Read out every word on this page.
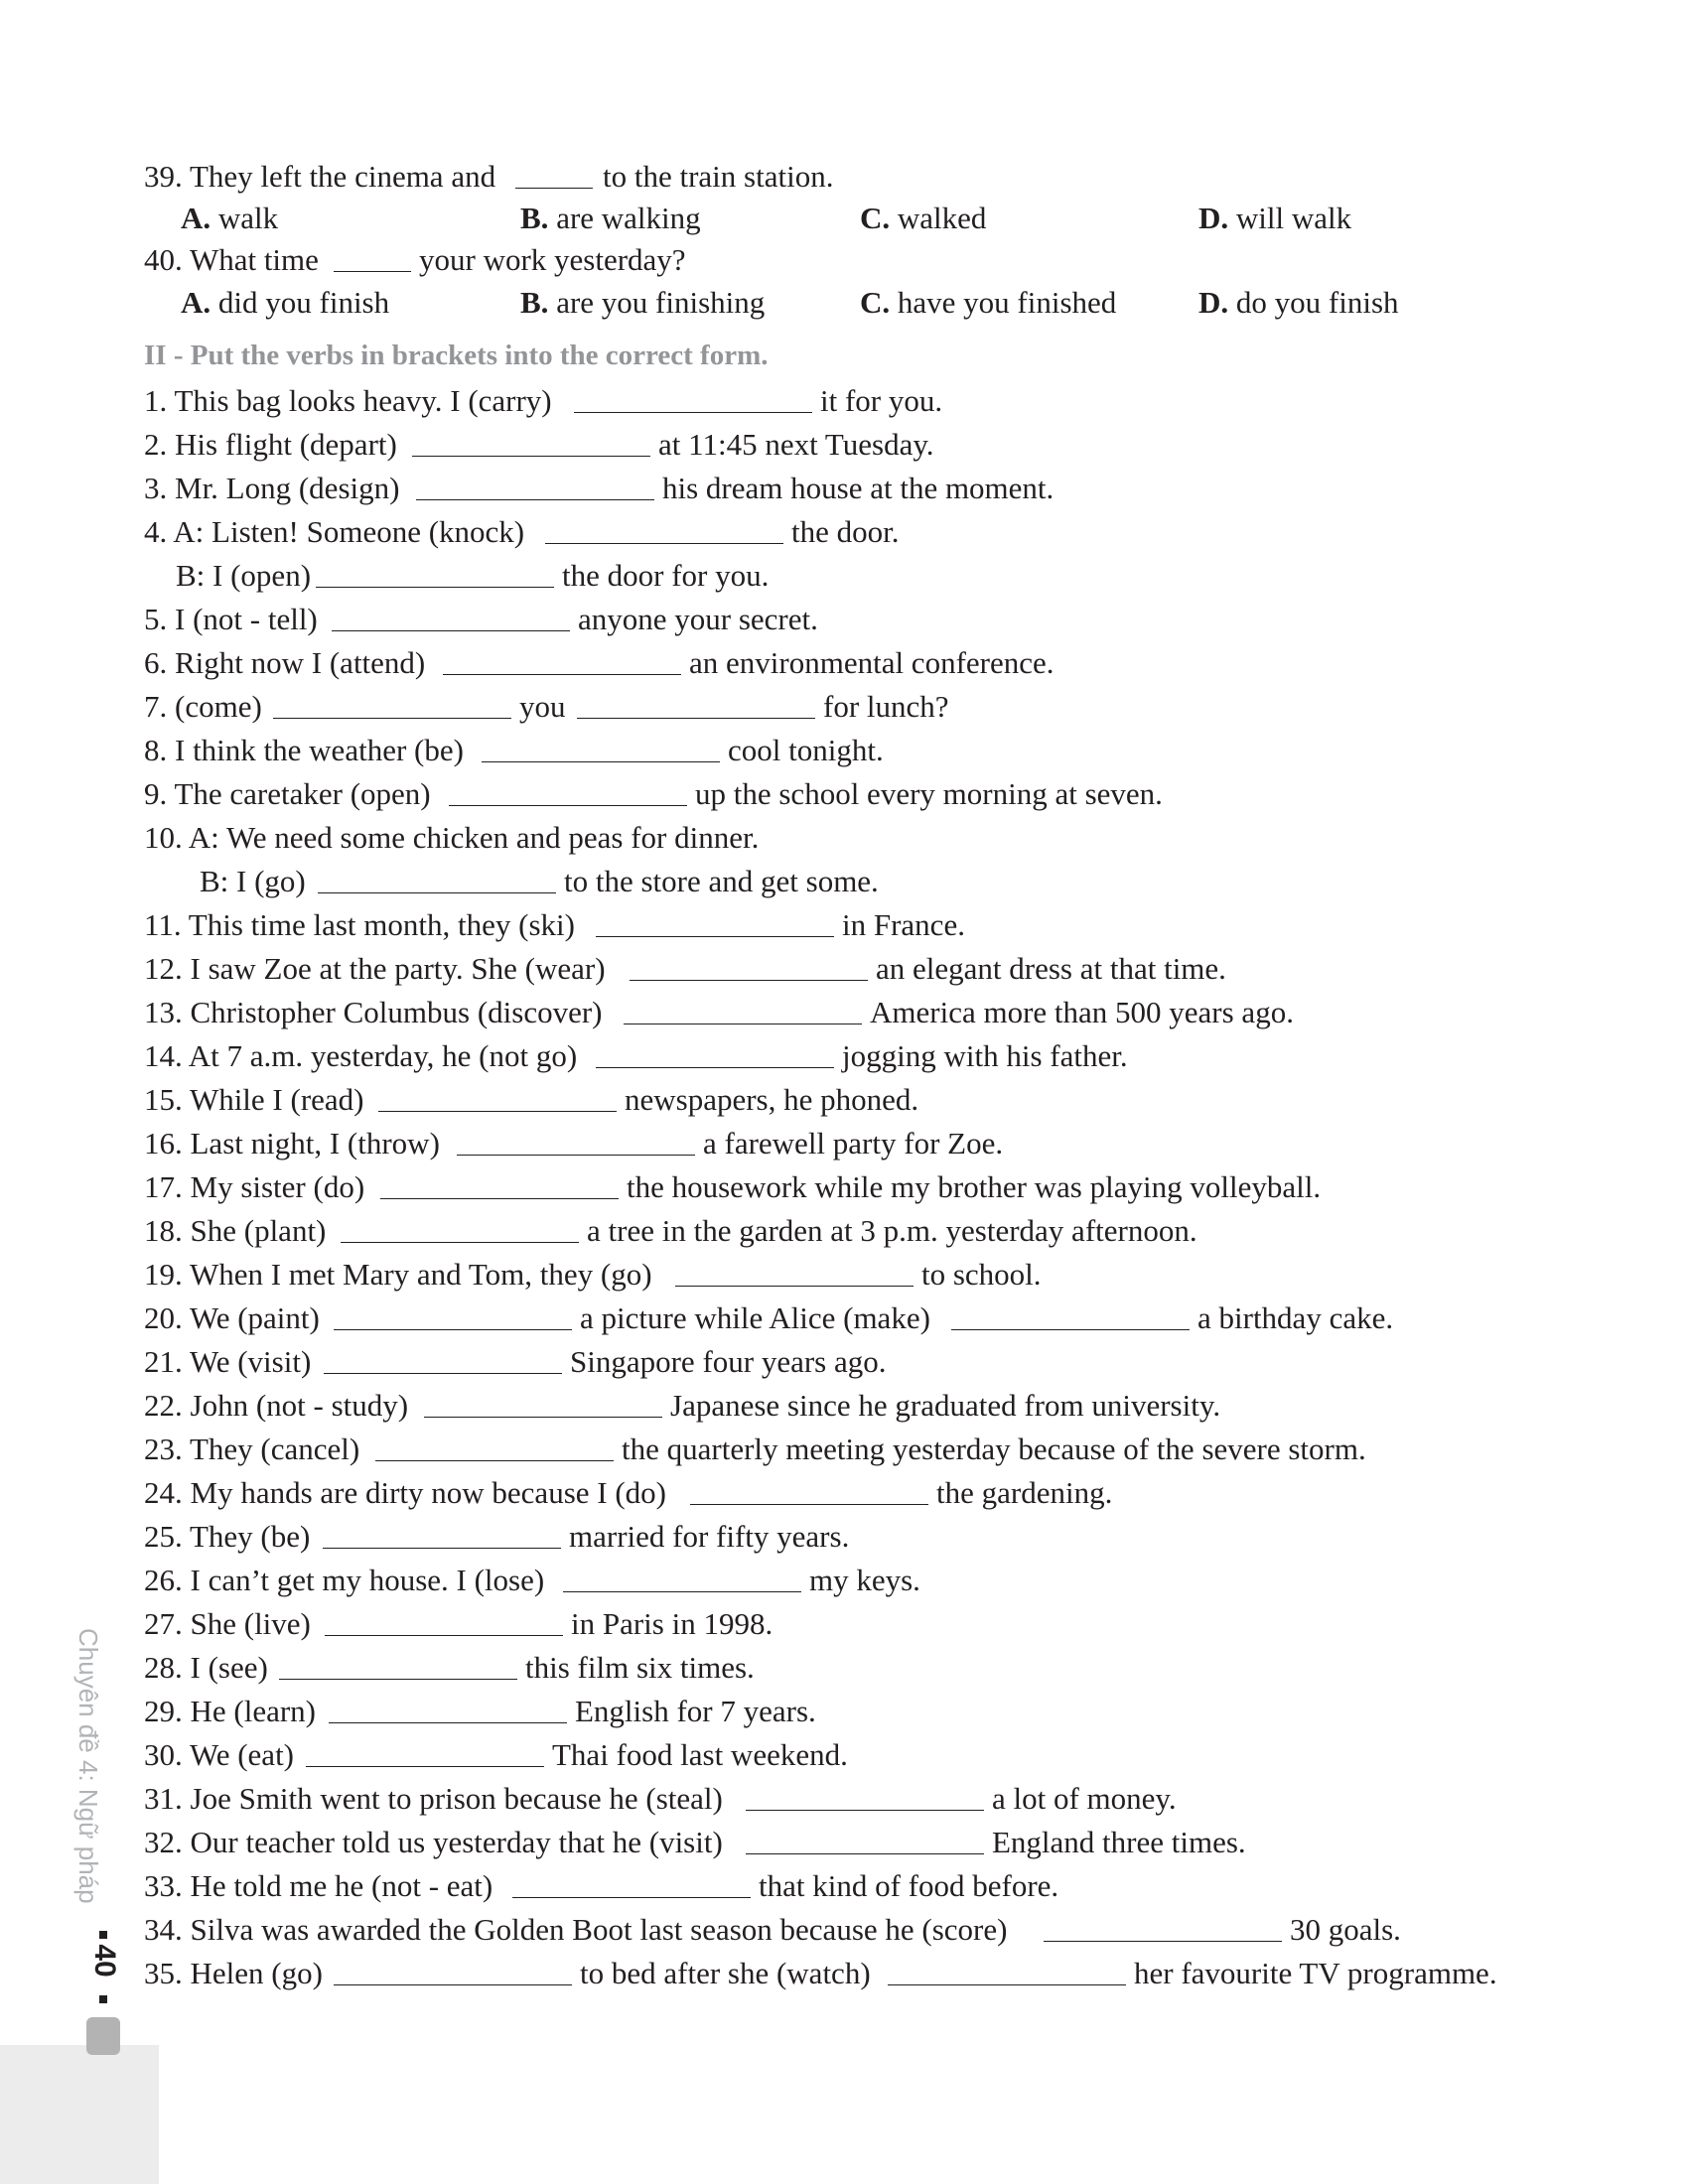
39. They left the cinema and	to the train station.
A. walk	B. are walking	C. walked	D. will walk
40. What time	your work yesterday?
A. did you finish	B. are you finishing	C. have you finished	D. do you finish
II - Put the verbs in brackets into the correct form.
1. This bag looks heavy. I (carry)	it for you.
2. His flight (depart)	at 11:45 next Tuesday.
3. Mr. Long (design)	his dream house at the moment.
4. A: Listen! Someone (knock)	the door.
B: I (open)	the door for you.
5. I (not - tell)	anyone your secret.
6. Right now I (attend)	an environmental conference.
7. (come)	you	for lunch?
8. I think the weather (be)	cool tonight.
9. The caretaker (open)	up the school every morning at seven.
10. A: We need some chicken and peas for dinner.
B: I (go)	to the store and get some.
11. This time last month, they (ski)	in France.
12. I saw Zoe at the party. She (wear)	an elegant dress at that time.
13. Christopher Columbus (discover)	America more than 500 years ago.
14. At 7 a.m. yesterday, he (not go)	jogging with his father.
15. While I (read)	newspapers, he phoned.
16. Last night, I (throw)	a farewell party for Zoe.
17. My sister (do)	the housework while my brother was playing volleyball.
18. She (plant)	a tree in the garden at 3 p.m. yesterday afternoon.
19. When I met Mary and Tom, they (go)	to school.
20. We (paint)	a picture while Alice (make)	a birthday cake.
21. We (visit)	Singapore four years ago.
22. John (not - study)	Japanese since he graduated from university.
23. They (cancel)	the quarterly meeting yesterday because of the severe storm.
24. My hands are dirty now because I (do)	the gardening.
25. They (be)	married for fifty years.
26. I can’t get my house. I (lose)	my keys.
27. She (live)	in Paris in 1998.
28. I (see)	this film six times.
29. He (learn)	English for 7 years.
30. We (eat)	Thai food last weekend.
31. Joe Smith went to prison because he (steal)	a lot of money.
32. Our teacher told us yesterday that he (visit)	England three times.
33. He told me he (not - eat)	that kind of food before.
34. Silva was awarded the Golden Boot last season because he (score)	30 goals.
35. Helen (go)	to bed after she (watch)	her favourite TV programme.
Chuyên đề 4: Ngữ pháp
40
